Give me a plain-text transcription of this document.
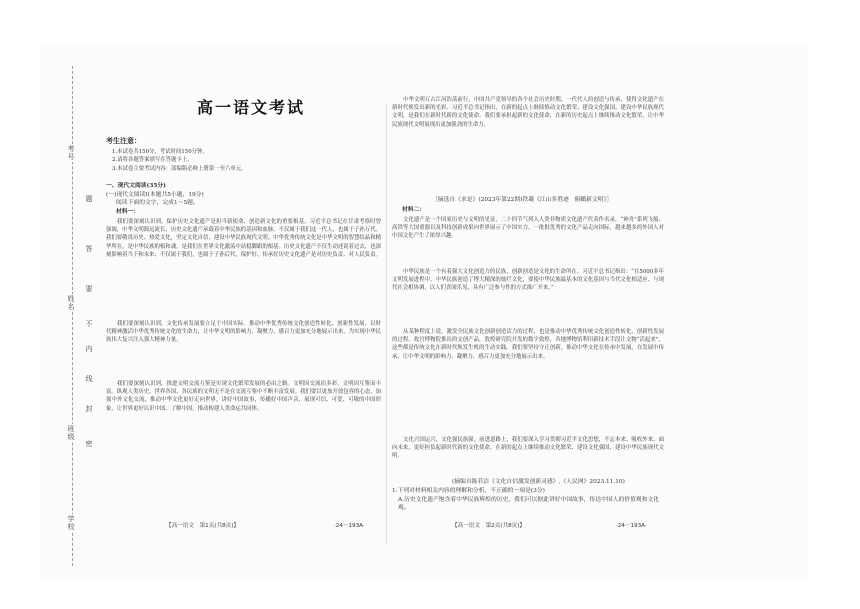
考号
题
答
要
姓名
不
内
线
封
班级
密
学校
高一语文考试
考生注意：
1.本试卷共150分，考试时间150分钟。
2.请将各题答案填写在答题卡上。
3.本试卷主要考试内容：部编版必修上册第一至六单元。
一、现代文阅读(35分)
(一)现代文阅读Ⅰ(本题共5小题，19分)
阅读下面的文字，完成1～5题。
材料一：
我们要深刻认识到，保护历史文化遗产是担当新使命、创造新文化的重要根基。习近平总书记在甘肃考察时曾强调，中华文明源远流长，历史文化遗产承载着中华民族的基因和血脉，不仅属于我们这一代人，也属于子孙万代。我们要敬畏历史、热爱文化，坚定文化自信，建设中华民族现代文明。中华优秀传统文化是中华文明的智慧结晶和精华所在，是中华民族的根和魂，是我们在世界文化激荡中站稳脚跟的根基。历史文化遗产不仅生动述说着过去，也深刻影响着当下和未来；不仅属于我们，也属于子孙后代。保护好、传承好历史文化遗产是对历史负责、对人民负责。
我们要深刻认识到，文化传承发展要立足于中国实际。推动中华优秀传统文化创造性转化、创新性发展，以时代精神激活中华优秀传统文化的生命力，让中华文明的影响力、凝聚力、感召力更加充分地展示出来，为实现中华民族伟大复兴注入强大精神力量。
我们要深刻认识到，推进文明交流互鉴是实现文化繁荣发展的必由之路。文明因交流而多彩，文明因互鉴而丰富。纵观人类历史，世界各国、各民族的文明无不是在交流互鉴中不断丰富发展。我们要以更加开放包容的心态，加强中外文化交流，推动中华文化更好走向世界，讲好中国故事，传播好中国声音，展现可信、可爱、可敬的中国形象，让世界更好认识中国、了解中国，推动构建人类命运共同体。
【高一语文　第1页(共8页)】	·24－193A·
中华文明万古江河浩荡前行，中国共产党领导的各个社会历史时期，一代代人的创造与传承，使得文化遗产在新时代焕发出新的光彩。习近平总书记指出，在新的起点上继续推动文化繁荣、建设文化强国、建设中华民族现代文明，是我们在新时代新的文化使命。我们要承担起新的文化使命，在新的历史起点上继续推动文化繁荣，让中华民族现代文明展现出更加强劲的生命力。
［摘选自《求是》(2023年第22期)铁凝《江山多胜迹　俯瞰新文明》］
材料二：
文化遗产是一个国家历史与文明的见证，二十四节气列入人类非物质文化遗产代表作名录，“神舟”系列飞船、高铁等大国重器以及科技创新成果向世界展示了中国实力，一批批优秀的文化产品走向国际，越来越多的外国人对中国文化产生了浓厚兴趣。
中华民族是一个有着强大文化创造力的民族，创新创造是文化的生命所在。习近平总书记指出：“在5000多年文明发展进程中，中华民族创造了博大精深的灿烂文化，要使中华民族最基本的文化基因与当代文化相适应、与现代社会相协调，以人们喜闻乐见、具有广泛参与性的方式推广开来。”
从某种程度上说，激发全民族文化创新创造活力的过程，也是推动中华优秀传统文化创造性转化、创新性发展的过程。故宫博物院推出的文创产品，敦煌研究院开发的数字敦煌，各地博物馆利用新技术手段让文物“活起来”，这些都是传统文化在新时代焕发生机的生动实践。我们要坚持守正创新，推动中华文化在传承中发展、在发展中传承，让中华文明的影响力、凝聚力、感召力更加充分地展示出来。
文化兴国运兴，文化强民族强。前进道路上，我们要深入学习贯彻习近平文化思想，不忘本来、吸收外来、面向未来，更好担负起新时代新的文化使命，在新的起点上继续推动文化繁荣、建设文化强国、建设中华民族现代文明。
(摘编自陈若洁《文化自信激发创新灵感》,《人民网》2023.11.10)
1.下列对材料相关内容的理解和分析，不正确的一项是(3分)
A.历史文化遗产饱含着中华民族辉煌的历史，我们可以据此讲好中国故事，传达中国人的价值观和文化观。
【高一语文　第2页(共8页)】	·24－193A·
